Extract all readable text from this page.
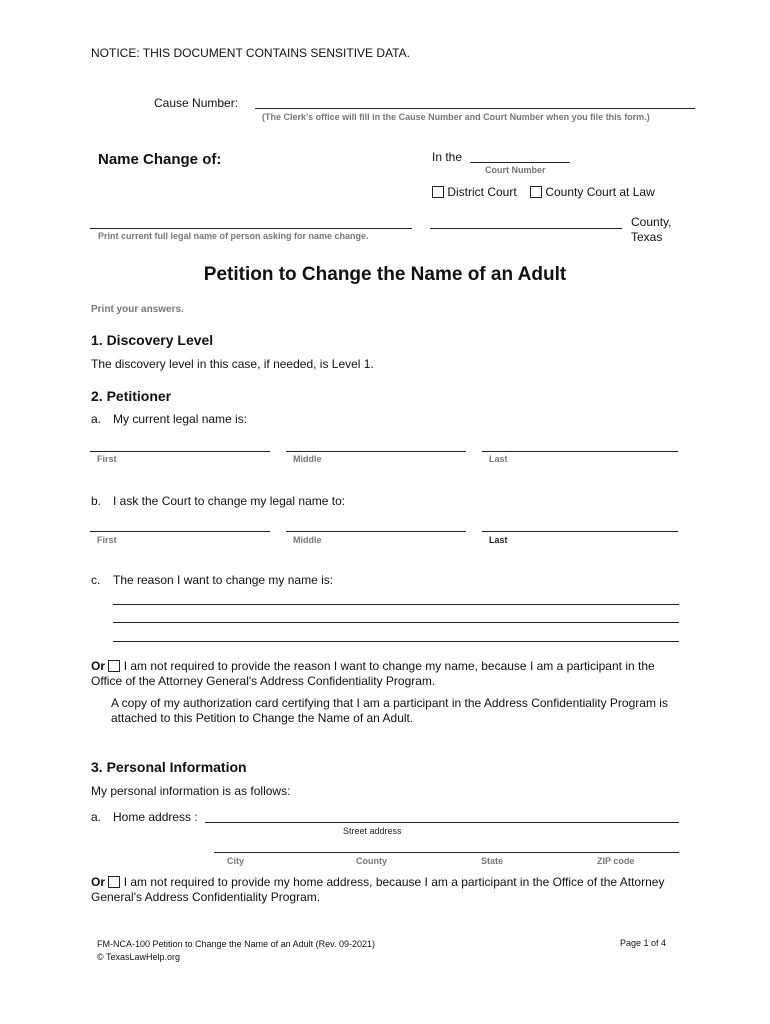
NOTICE: THIS DOCUMENT CONTAINS SENSITIVE DATA.
Cause Number:
(The Clerk's office will fill in the Cause Number and Court Number when you file this form.)
Name Change of:	In the
Court Number
District Court	County Court at Law
Print current full legal name of person asking for name change.
County,
Texas
Petition to Change the Name of an Adult
Print your answers.
1. Discovery Level
The discovery level in this case, if needed, is Level 1.
2. Petitioner
a. My current legal name is:
First	Middle	Last
b. I ask the Court to change my legal name to:
First	Middle	Last
c. The reason I want to change my name is:
Or I am not required to provide the reason I want to change my name, because I am a participant in the Office of the Attorney General's Address Confidentiality Program.
A copy of my authorization card certifying that I am a participant in the Address Confidentiality Program is attached to this Petition to Change the Name of an Adult.
3. Personal Information
My personal information is as follows:
a. Home address :
Street address
City	County	State	ZIP code
Or I am not required to provide my home address, because I am a participant in the Office of the Attorney General's Address Confidentiality Program.
FM-NCA-100 Petition to Change the Name of an Adult (Rev. 09-2021)
© TexasLawHelp.org
Page 1 of 4
